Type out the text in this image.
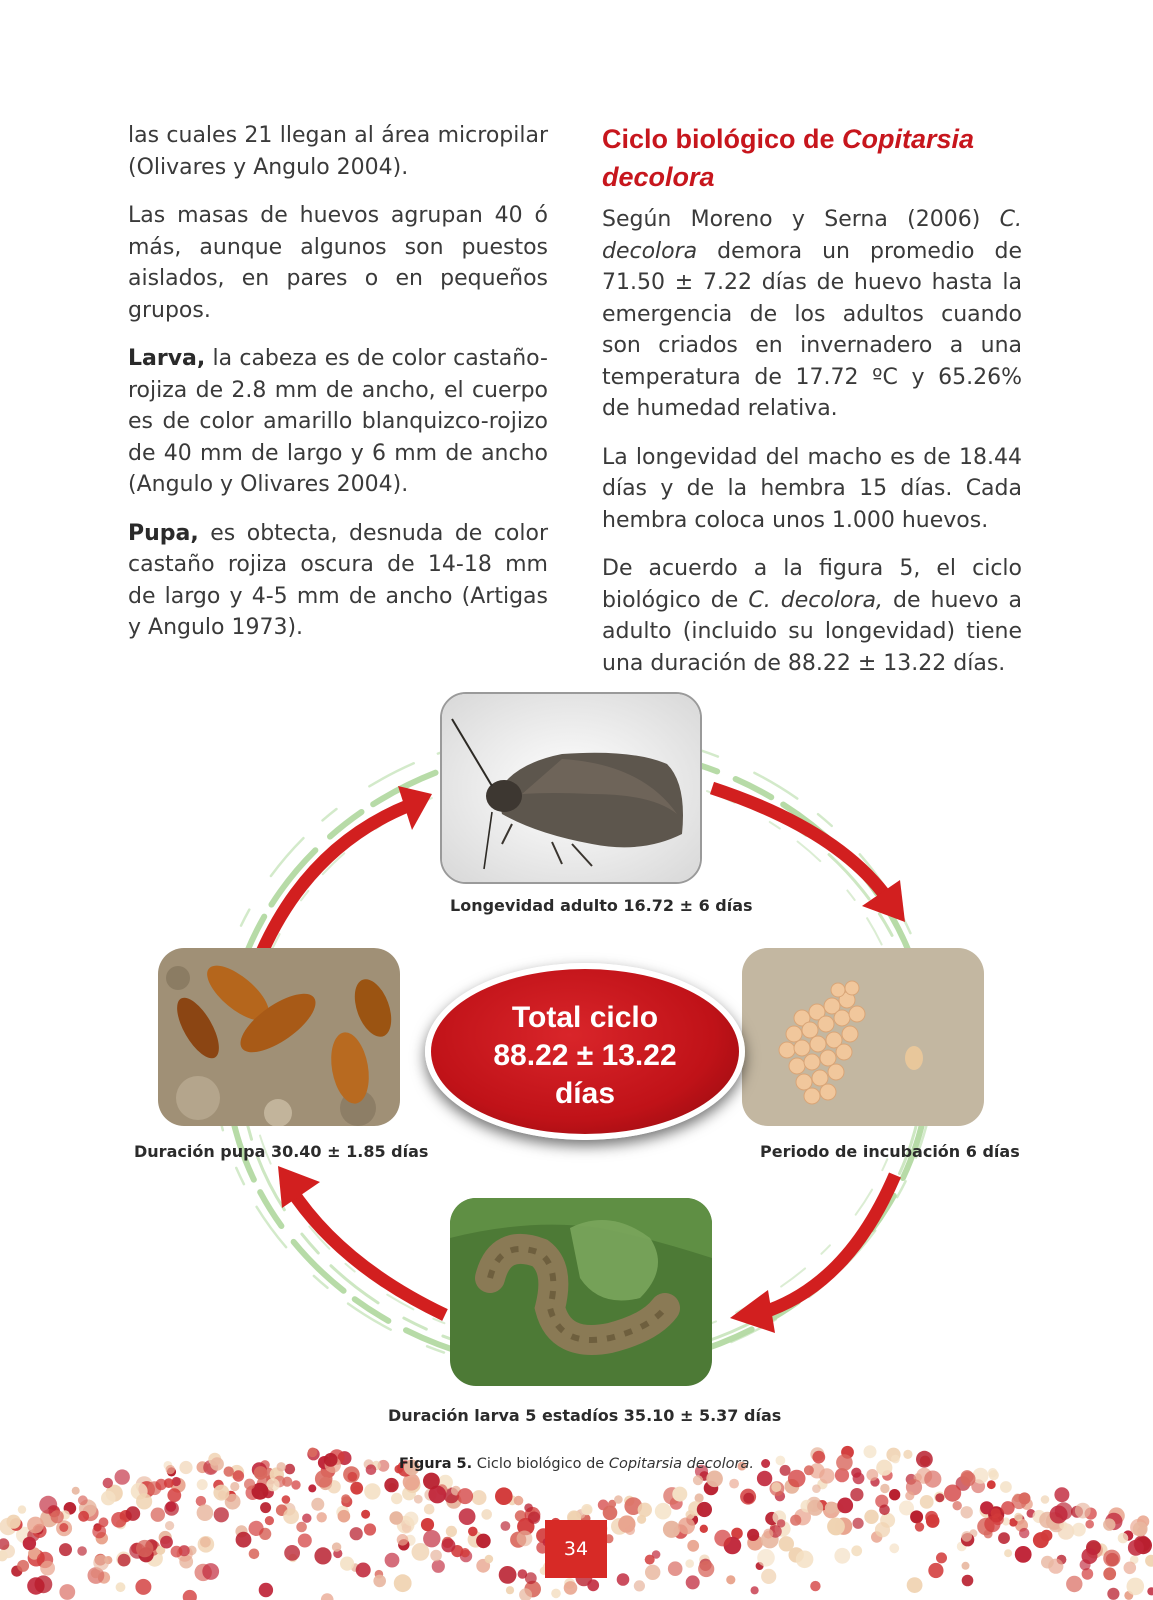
las cuales 21 llegan al área micropilar (Olivares y Angulo 2004).

Las masas de huevos agrupan 40 ó más, aunque algunos son puestos aislados, en pares o en pequeños grupos.

Larva, la cabeza es de color castaño-rojiza de 2.8 mm de ancho, el cuerpo es de color amarillo blanquizco-rojizo de 40 mm de largo y 6 mm de ancho (Angulo y Olivares 2004).

Pupa, es obtecta, desnuda de color castaño rojiza oscura de 14-18 mm de largo y 4-5 mm de ancho (Artigas y Angulo 1973).

Ciclo biológico de Copitarsia decolora

Según Moreno y Serna (2006) C. decolora demora un promedio de 71.50 ± 7.22 días de huevo hasta la emergencia de los adultos cuando son criados en invernadero a una temperatura de 17.72 ºC y 65.26% de humedad relativa.

La longevidad del macho es de 18.44 días y de la hembra 15 días. Cada hembra coloca unos 1.000 huevos.

De acuerdo a la figura 5, el ciclo biológico de C. decolora, de huevo a adulto (incluido su longevidad) tiene una duración de 88.22 ± 13.22 días.

Longevidad adulto 16.72 ± 6 días
Duración pupa 30.40 ± 1.85 días	Periodo de incubación 6 días
Duración larva 5 estadíos 35.10 ± 5.37 días
Total ciclo
88.22 ± 13.22
días
Figura 5. Ciclo biológico de Copitarsia decolora.
34
